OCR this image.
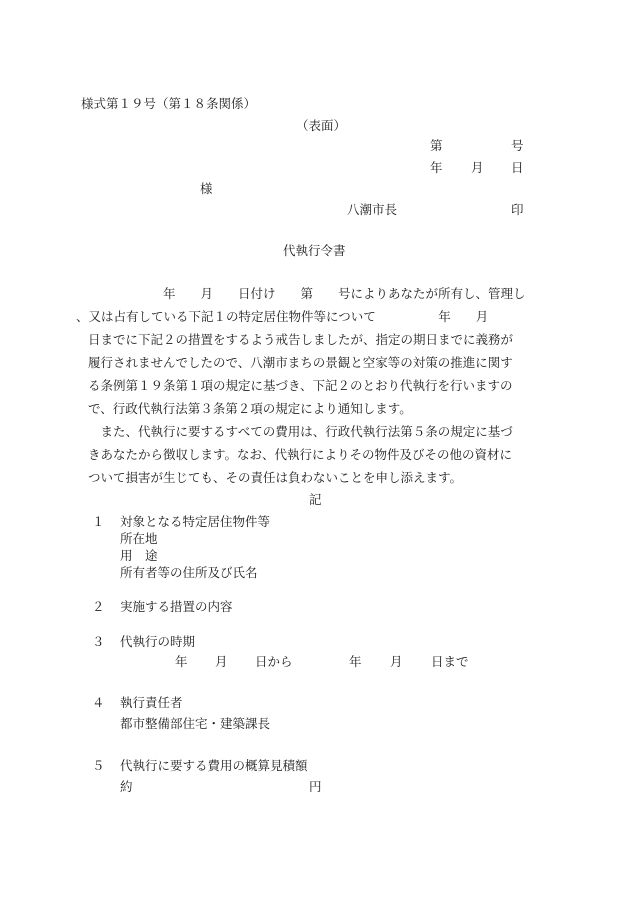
様式第１９号（第１８条関係）
（表面）
第	号
年 月 日
様
八潮市長	印
代執行令書
　　　　　　年　　月　　日付け　　第　　号によりあなたが所有し、管理し
、又は占有している下記１の特定居住物件等について　　　　　年　　月
日までに下記２の措置をするよう戒告しましたが、指定の期日までに義務が
履行されませんでしたので、八潮市まちの景観と空家等の対策の推進に関す
る条例第１９条第１項の規定に基づき、下記２のとおり代執行を行いますの
で、行政代執行法第３条第２項の規定により通知します。
　また、代執行に要するすべての費用は、行政代執行法第５条の規定に基づ
きあなたから徴収します。なお、代執行によりその物件及びその他の資材に
ついて損害が生じても、その責任は負わないことを申し添えます。
記
１ 対象となる特定居住物件等
所在地
用　途
所有者等の住所及び氏名
２ 実施する措置の内容
３ 代執行の時期
年 月 日から	年 月 日まで
４ 執行責任者
都市整備部住宅・建築課長
５ 代執行に要する費用の概算見積額
約	円
